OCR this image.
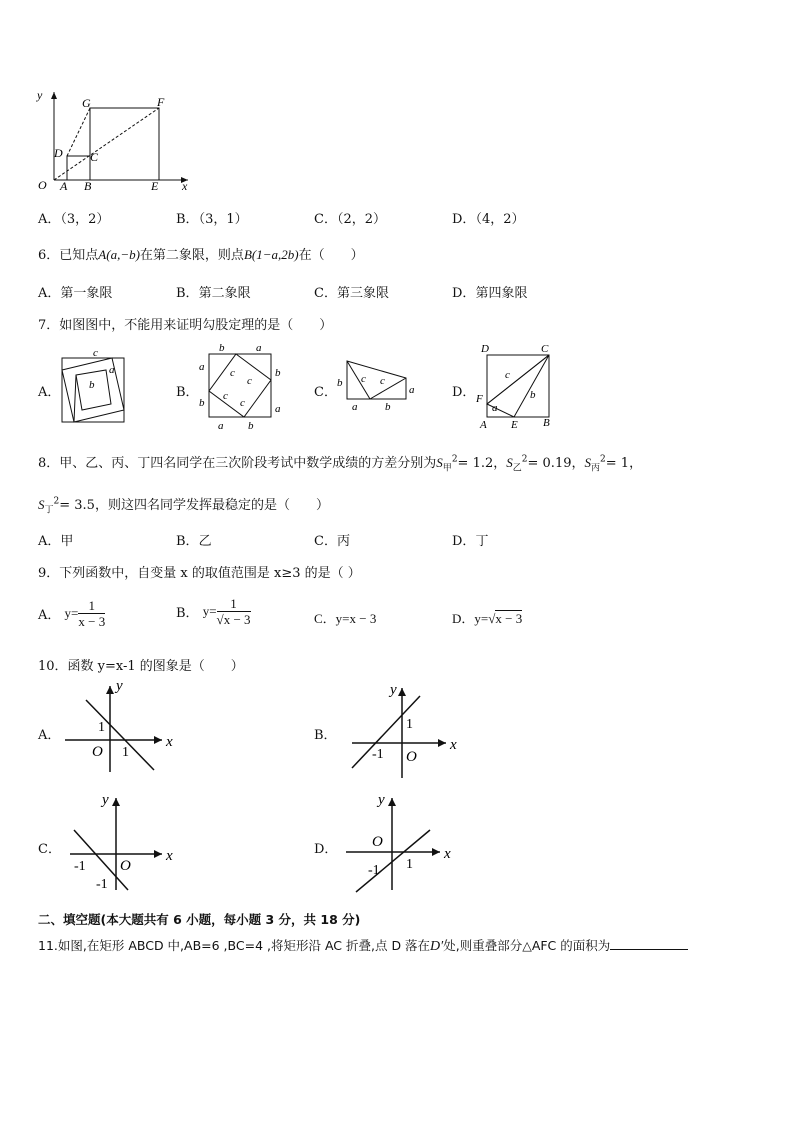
y
x
O A B	E
D C
G	F
A．（3，2）	B．（3，1）	C．（2，2）	D．（4，2）
6．已知点A(a,−b)在第二象限，则点B(1−a,2b)在（　　）
A．第一象限	B．第二象限	C．第三象限	D．第四象限
7．如图图中，不能用来证明勾股定理的是（　　）
A．
c
a
b	B．
b	a
a
b
b
a
a b
c
c
c
c
C．
b c c
a
a	b
D．
D	C
F
A E B
c
b
a
8．甲、乙、丙、丁四名同学在三次阶段考试中数学成绩的方差分别为$S_甲^2= 1.2$，$S_乙^2= 0.19$，$S_丙^2= 1$，
$S_丁^2= 3.5$，则这四名同学发挥最稳定的是（　　）
A．甲	B．乙	C．丙	D．丁
9．下列函数中，自变量 x 的取值范围是 x≥3 的是（ ）
A． $y= \frac{1}{x - 3}$	B． $y= \frac{1}{√x - 3}$	C．y=x − 3	D．y=√x − 3
10．函数 y=x-1 的图象是（　　）
A．
y
x
O
1
1
B．
y
x
O
-1
1
C．
y
x
O
-1
-1
D．
y
x
O
-1 1
二、填空题(本大题共有 6 小题，每小题 3 分，共 18 分)
11.如图,在矩形 ABCD 中,AB=6 ,BC=4 ,将矩形沿 AC 折叠,点 D 落在D′处,则重叠部分△AFC 的面积为
